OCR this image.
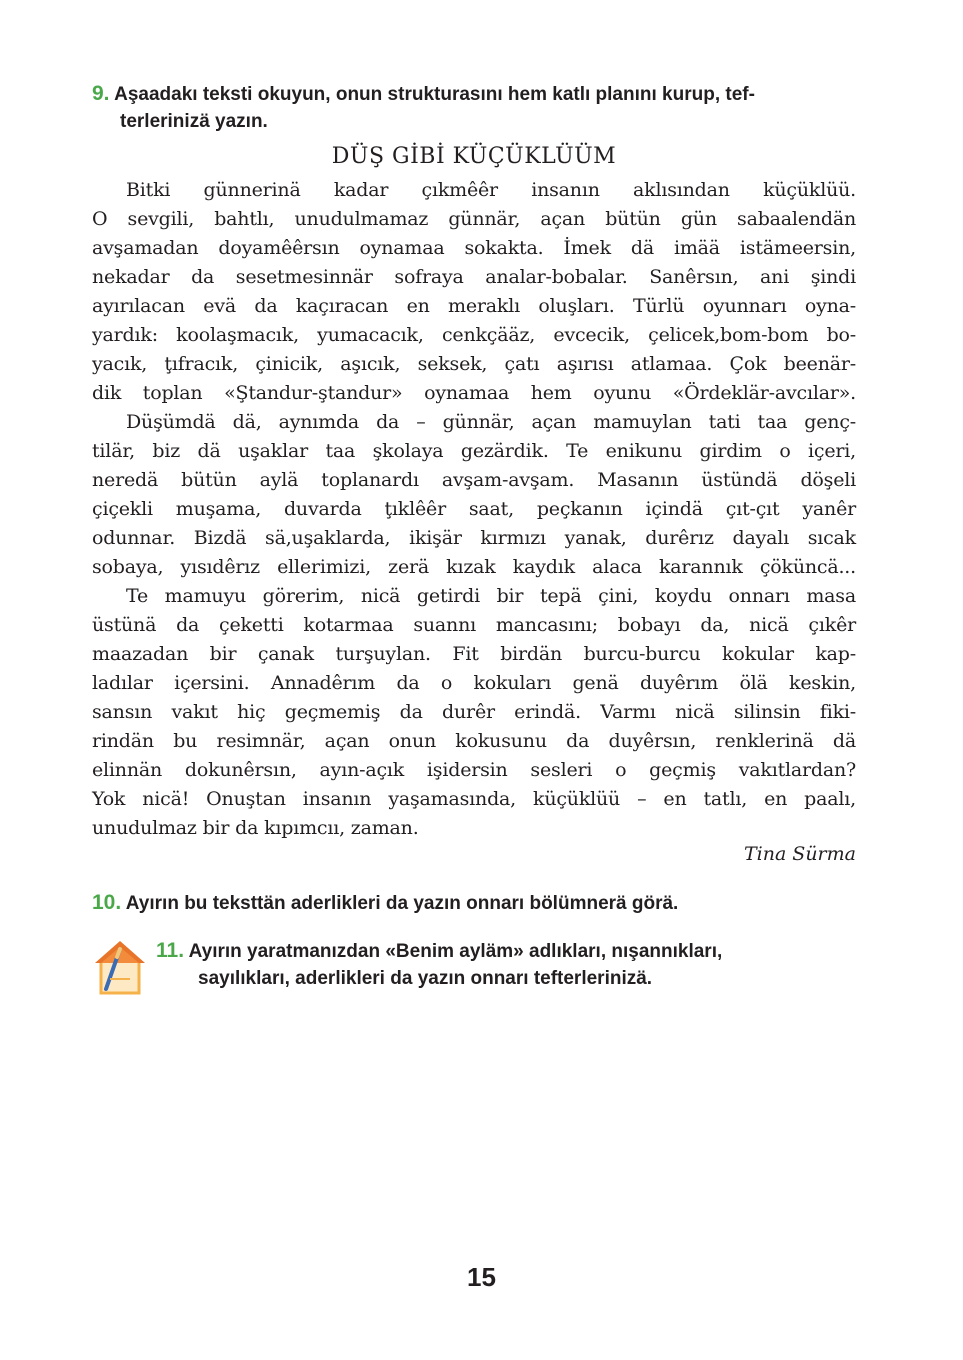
9. Aşaadakı teksti okuyun, onun strukturasını hem katlı planını kurup, tef-
terlerinizä yazın.
DÜŞ GİBİ KÜÇÜKLÜÜM
Bitki günnerinä kadar çıkmêêr insanın aklısından küçüklüü.
O sevgili, bahtlı, unudulmamaz günnär, açan bütün gün sabaalendän
avşamadan doyamêêrsın oynamaa sokakta. İmek dä imää istämeersin,
nekadar da sesetmesinnär sofraya analar-bobalar. Sanêrsın, ani şindi
ayırılacan evä da kaçıracan en meraklı oluşları. Türlü oyunnarı oyna-
yardık: koolaşmacık, yumacacık, cenkçääz, evcecik, çelicek,bom-bom bo-
yacık, ţıfracık, çinicik, aşıcık, seksek, çatı aşırısı atlamaa. Çok beenär-
dik toplan «Ştandur-ştandur» oynamaa hem oyunu «Ördeklär-avcılar».
Düşümdä dä, aynımda da – günnär, açan mamuylan tati taa genç-
tilär, biz dä uşaklar taa şkolaya gezärdik. Te enikunu girdim o içeri,
neredä bütün aylä toplanardı avşam-avşam. Masanın üstündä döşeli
çiçekli muşama, duvarda ţıklêêr saat, peçkanın içindä çıt-çıt yanêr
odunnar. Bizdä sä,uşaklarda, ikişär kırmızı yanak, durêrız dayalı sıcak
sobaya, yısıdêrız ellerimizi, zerä kızak kaydık alaca karannık çöküncä...
Te mamuyu görerim, nicä getirdi bir tepä çini, koydu onnarı masa
üstünä da çeketti kotarmaa suannı mancasını; bobayı da, nicä çıkêr
maazadan bir çanak turşuylan. Fit birdän burcu-burcu kokular kap-
ladılar içersini. Annadêrım da o kokuları genä duyêrım ölä keskin,
sansın vakıt hiç geçmemiş da durêr erindä. Varmı nicä silinsin fiki-
rindän bu resimnär, açan onun kokusunu da duyêrsın, renklerinä dä
elinnän dokunêrsın, ayın-açık işidersin sesleri o geçmiş vakıtlardan?
Yok nicä! Onuştan insanın yaşamasında, küçüklüü – en tatlı, en paalı,
unudulmaz bir da kıpımcıı, zaman.
Tina Sürma
10. Ayırın bu teksttän aderlikleri da yazın onnarı bölümnerä görä.
11. Ayırın yaratmanızdan «Benim ayläm» adlıkları, nışannıkları,
sayılıkları, aderlikleri da yazın onnarı tefterlerinizä.
15
